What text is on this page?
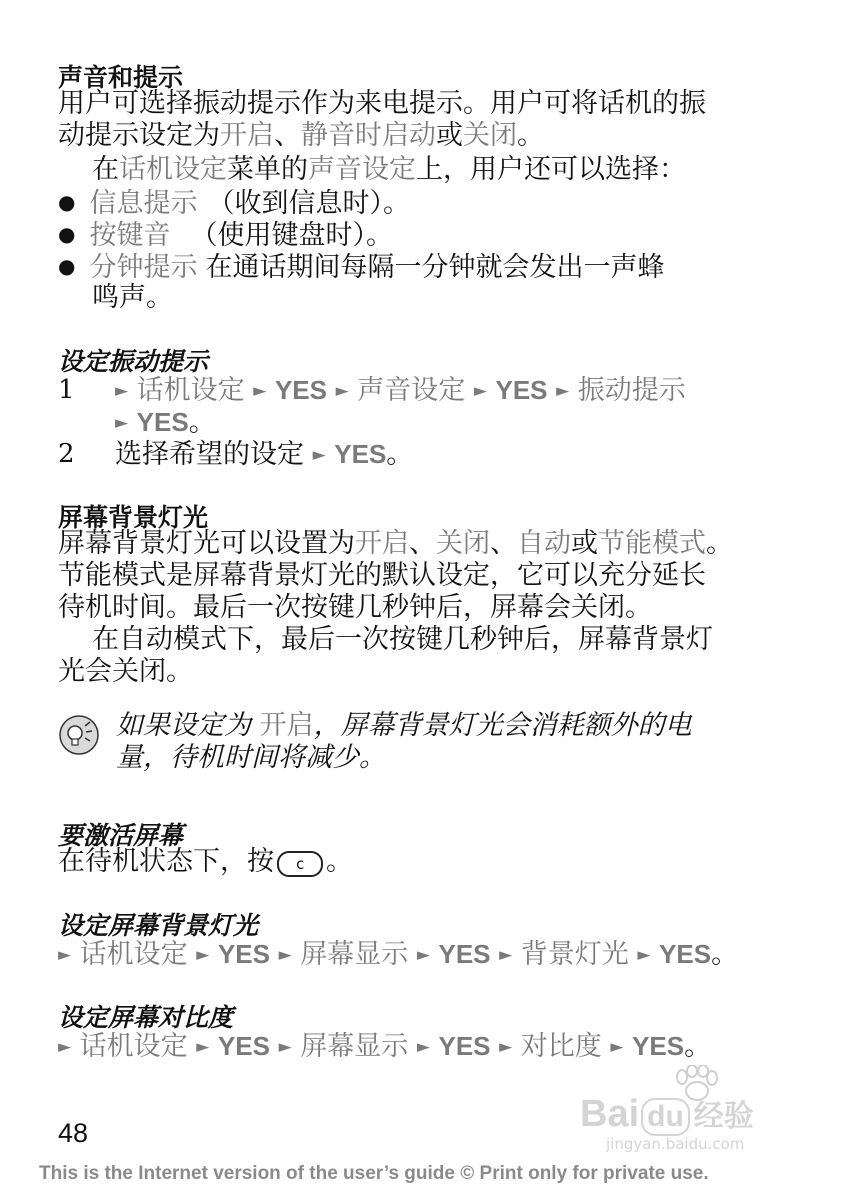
声音和提示
用户可选择振动提示作为来电提示。用户可将话机的振
动提示设定为开启、静音时启动或关闭。
在话机设定菜单的声音设定上，用户还可以选择：
● 信息提示 （收到信息时）。
● 按键音 （使用键盘时）。
● 分钟提示 在通话期间每隔一分钟就会发出一声蜂
鸣声。
设定振动提示
1 ► 话机设定 ► YES ► 声音设定 ► YES ► 振动提示
► YES。
2 选择希望的设定 ► YES。
屏幕背景灯光
屏幕背景灯光可以设置为开启、关闭、自动或节能模式。
节能模式是屏幕背景灯光的默认设定，它可以充分延长
待机时间。最后一次按键几秒钟后，屏幕会关闭。
在自动模式下，最后一次按键几秒钟后，屏幕背景灯
光会关闭。
如果设定为 开启，屏幕背景灯光会消耗额外的电
量，待机时间将减少。
要激活屏幕
在待机状态下，按 c 。
设定屏幕背景灯光
► 话机设定 ► YES ► 屏幕显示 ► YES ► 背景灯光 ► YES。
设定屏幕对比度
► 话机设定 ► YES ► 屏幕显示 ► YES ► 对比度 ► YES。
Bai du 经验
jingyan.baidu.com
48
This is the Internet version of the user’s guide © Print only for private use.
